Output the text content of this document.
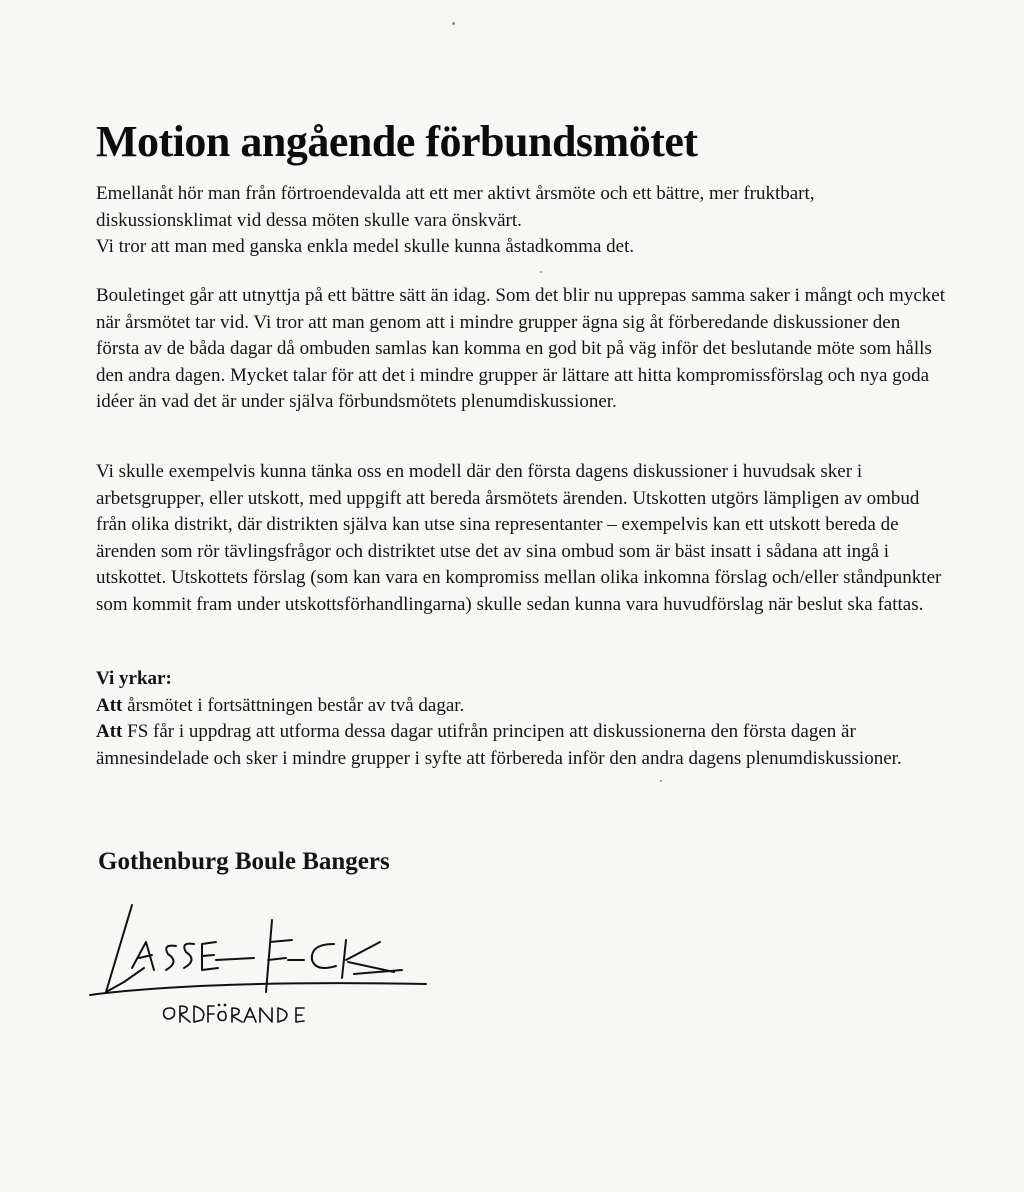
Motion angående förbundsmötet

Emellanåt hör man från förtroendevalda att ett mer aktivt årsmöte och ett bättre, mer fruktbart,

diskussionsklimat vid dessa möten skulle vara önskvärt.

Vi tror att man med ganska enkla medel skulle kunna åstadkomma det.

Bouletinget går att utnyttja på ett bättre sätt än idag. Som det blir nu upprepas samma saker i mångt och mycket när årsmötet tar vid. Vi tror att man genom att i mindre grupper ägna sig åt förberedande diskussioner den första av de båda dagar då ombuden samlas kan komma en god bit på väg inför det beslutande möte som hålls den andra dagen. Mycket talar för att det i mindre grupper är lättare att hitta kompromissförslag och nya goda idéer än vad det är under själva förbundsmötets plenumdiskussioner.

Vi skulle exempelvis kunna tänka oss en modell där den första dagens diskussioner i huvudsak sker i arbetsgrupper, eller utskott, med uppgift att bereda årsmötets ärenden. Utskotten utgörs lämpligen av ombud från olika distrikt, där distrikten själva kan utse sina representanter – exempelvis kan ett utskott bereda de ärenden som rör tävlingsfrågor och distriktet utse det av sina ombud som är bäst insatt i sådana att ingå i utskottet. Utskottets förslag (som kan vara en kompromiss mellan olika inkomna förslag och/eller ståndpunkter som kommit fram under utskottsförhandlingarna) skulle sedan kunna vara huvudförslag när beslut ska fattas.

Vi yrkar:

Att årsmötet i fortsättningen består av två dagar.

Att FS får i uppdrag att utforma dessa dagar utifrån principen att diskussionerna den första dagen är ämnesindelade och sker i mindre grupper i syfte att förbereda inför den andra dagens plenumdiskussioner.

Gothenburg Boule Bangers
